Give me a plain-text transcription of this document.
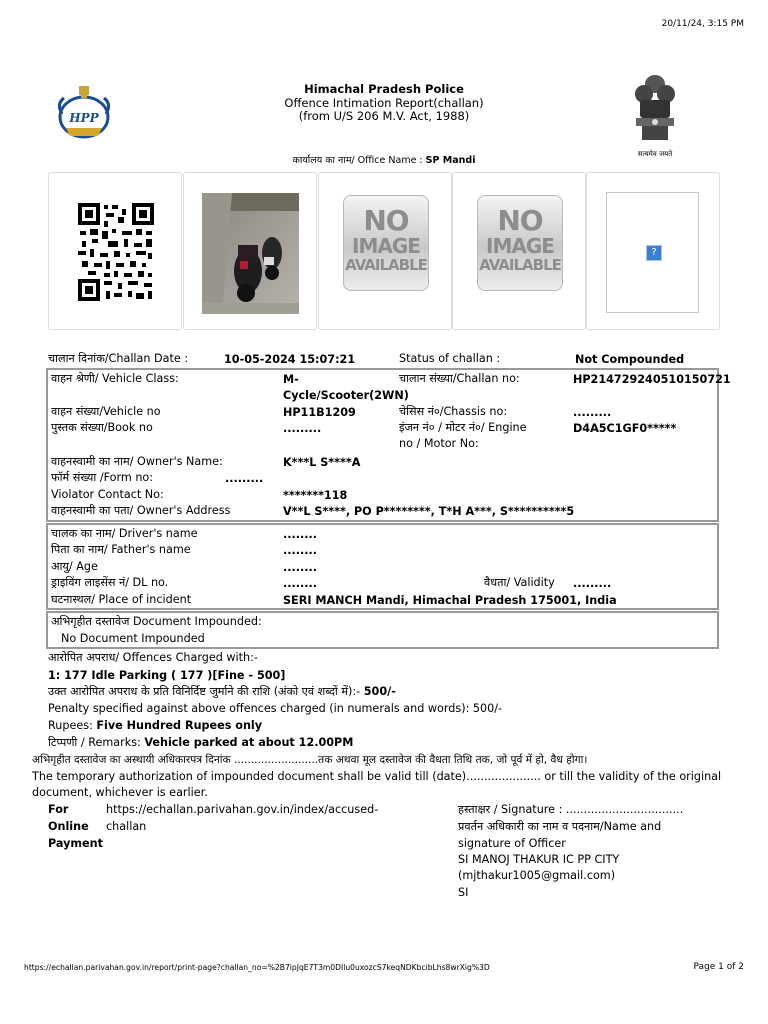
20/11/24, 3:15 PM
HPP
Himachal Pradesh Police
Offence Intimation Report(challan)
(from U/S 206 M.V. Act, 1988)
सत्यमेव जयते
कार्यालय का नाम/ Office Name : SP Mandi
NO
IMAGE
AVAILABLE
NO
IMAGE
AVAILABLE
?
चालान दिनांक/Challan Date :	10-05-2024 15:07:21	Status of challan :	Not Compounded
वाहन श्रेणी/ Vehicle Class:	M-
Cycle/Scooter(2WN)
चालान संख्या/Challan no:	HP214729240510150721
वाहन संख्या/Vehicle no	HP11B1209	चेसिस नं०/Chassis no:	.........
पुस्तक संख्या/Book no	.........	इंजन नं० / मोटर नं०/ Engine
no / Motor No:
D4A5C1GF0*****
वाहनस्वामी का नाम/ Owner's Name:	K***L S****A
फॉर्म संख्या /Form no:	.........
Violator Contact No:	*******118
वाहनस्वामी का पता/ Owner's Address	V**L S****, PO P********, T*H A***, S**********5
चालक का नाम/ Driver's name	........
पिता का नाम/ Father's name	........
आयु/ Age	........
ड्राइविंग लाइसेंस नं/ DL no.	........	वैधता/ Validity .........
घटनास्थल/ Place of incident	SERI MANCH Mandi, Himachal Pradesh 175001, India
अभिगृहीत दस्तावेज Document Impounded:
No Document Impounded
आरोपित अपराध/ Offences Charged with:-
1: 177 Idle Parking ( 177 )[Fine - 500]
उक्त आरोपित अपराध के प्रति विनिर्दिष्ट जुर्माने की राशि (अंको एवं शब्दों में):- 500/-
Penalty specified against above offences charged (in numerals and words): 500/-
Rupees: Five Hundred Rupees only
टिप्पणी / Remarks: Vehicle parked at about 12.00PM
अभिगृहीत दस्तावेज का अस्थायी अधिकारपत्र दिनांक .........................तक अथवा मूल दस्तावेज की वैधता तिथि तक, जो पूर्व में हो, वैध होगा।
The temporary authorization of impounded document shall be valid till (date)..................... or till the validity of the original
document, whichever is earlier.
For
Online
Payment
https://echallan.parivahan.gov.in/index/accused-
challan
हस्ताक्षर / Signature : .................................
प्रवर्तन अधिकारी का नाम व पदनाम/Name and
signature of Officer
SI MANOJ THAKUR IC PP CITY
(mjthakur1005@gmail.com)
SI
https://echallan.parivahan.gov.in/report/print-page?challan_no=%2B7ipJqE7T3m0DIlu0uxozcS7keqNDKbcibLhs8wrXig%3D	Page 1 of 2
